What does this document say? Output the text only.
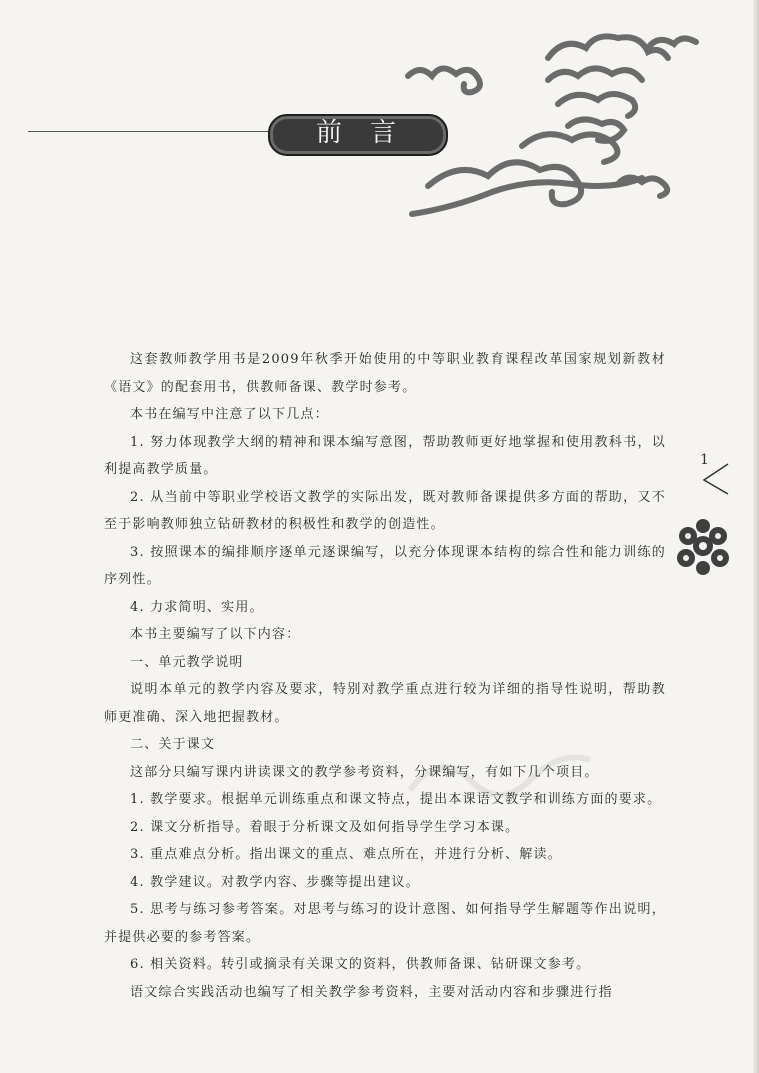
前言
1

这套教师教学用书是2009年秋季开始使用的中等职业教育课程改革国家规划新教材《语文》的配套用书，供教师备课、教学时参考。

本书在编写中注意了以下几点：

1. 努力体现教学大纲的精神和课本编写意图，帮助教师更好地掌握和使用教科书，以利提高教学质量。

2. 从当前中等职业学校语文教学的实际出发，既对教师备课提供多方面的帮助，又不至于影响教师独立钻研教材的积极性和教学的创造性。

3. 按照课本的编排顺序逐单元逐课编写，以充分体现课本结构的综合性和能力训练的序列性。

4. 力求简明、实用。

本书主要编写了以下内容：

一、单元教学说明

说明本单元的教学内容及要求，特别对教学重点进行较为详细的指导性说明，帮助教师更准确、深入地把握教材。

二、关于课文

这部分只编写课内讲读课文的教学参考资料，分课编写，有如下几个项目。

1. 教学要求。根据单元训练重点和课文特点，提出本课语文教学和训练方面的要求。

2. 课文分析指导。着眼于分析课文及如何指导学生学习本课。

3. 重点难点分析。指出课文的重点、难点所在，并进行分析、解读。

4. 教学建议。对教学内容、步骤等提出建议。

5. 思考与练习参考答案。对思考与练习的设计意图、如何指导学生解题等作出说明，并提供必要的参考答案。

6. 相关资料。转引或摘录有关课文的资料，供教师备课、钻研课文参考。

语文综合实践活动也编写了相关教学参考资料，主要对活动内容和步骤进行指
